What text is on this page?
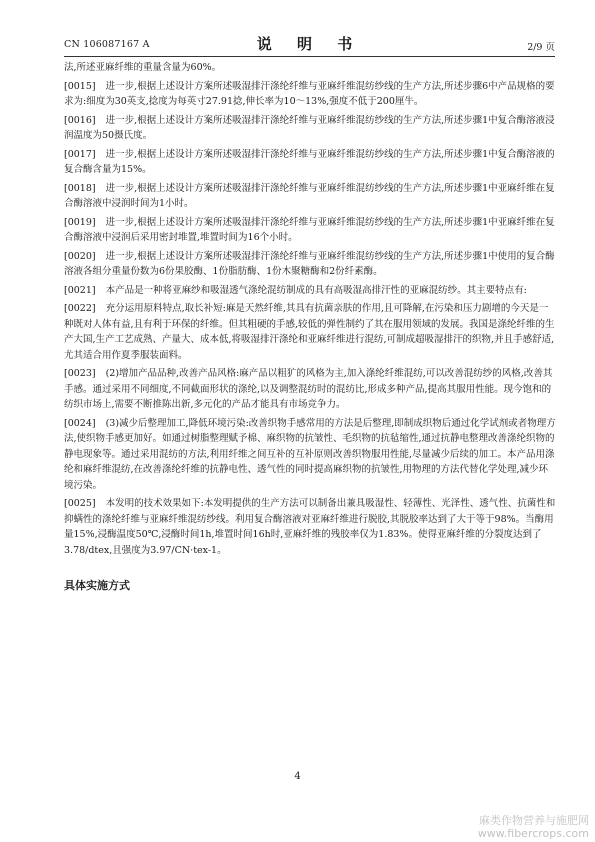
CN 106087167 A	说 明 书	2/9 页

法,所述亚麻纤维的重量含量为60%。

[0015] 进一步,根据上述设计方案所述吸湿排汗涤纶纤维与亚麻纤维混纺纱线的生产方法,所述步骤6中产品规格的要求为:细度为30英支,捻度为每英寸27.91捻,伸长率为10～13%,强度不低于200厘牛。

[0016] 进一步,根据上述设计方案所述吸湿排汗涤纶纤维与亚麻纤维混纺纱线的生产方法,所述步骤1中复合酶溶液浸润温度为50摄氏度。

[0017] 进一步,根据上述设计方案所述吸湿排汗涤纶纤维与亚麻纤维混纺纱线的生产方法,所述步骤1中复合酶溶液的复合酶含量为15%。

[0018] 进一步,根据上述设计方案所述吸湿排汗涤纶纤维与亚麻纤维混纺纱线的生产方法,所述步骤1中亚麻纤维在复合酶溶液中浸润时间为1小时。

[0019] 进一步,根据上述设计方案所述吸湿排汗涤纶纤维与亚麻纤维混纺纱线的生产方法,所述步骤1中亚麻纤维在复合酶溶液中浸润后采用密封堆置,堆置时间为16个小时。

[0020] 进一步,根据上述设计方案所述吸湿排汗涤纶纤维与亚麻纤维混纺纱线的生产方法,所述步骤1中使用的复合酶溶液各组分重量份数为6份果胶酶、1份脂肪酶、1份木聚糖酶和2份纤素酶。

[0021] 本产品是一种将亚麻纱和吸湿透气涤纶混纺制成的具有高吸湿高排汗性的亚麻混纺纱。其主要特点有:

[0022] 充分运用原料特点,取长补短:麻是天然纤维,其具有抗菌亲肤的作用,且可降解,在污染和压力剧增的今天是一种既对人体有益,且有利于环保的纤维。但其粗硬的手感,较低的弹性制约了其在服用领域的发展。我国是涤纶纤维的生产大国,生产工艺成熟、产量大、成本低,将吸湿排汗涤纶和亚麻纤维进行混纺,可制成超吸湿排汗的织物,并且手感舒适,尤其适合用作夏季服装面料。

[0023] (2)增加产品品种,改善产品风格:麻产品以粗犷的风格为主,加入涤纶纤维混纺,可以改善混纺纱的风格,改善其手感。通过采用不同细度,不同截面形状的涤纶,以及调整混纺时的混纺比,形成多种产品,提高其服用性能。现今饱和的纺织市场上,需要不断推陈出新,多元化的产品才能具有市场竞争力。

[0024] (3)减少后整理加工,降低环境污染:改善织物手感常用的方法是后整理,即制成织物后通过化学试剂或者物理方法,使织物手感更加好。如通过树脂整理赋予棉、麻织物的抗皱性、毛织物的抗毡缩性,通过抗静电整理改善涤纶织物的静电现象等。通过采用混纺的方法,利用纤维之间互补的互补原则改善织物服用性能,尽量减少后续的加工。本产品用涤纶和麻纤维混纺,在改善涤纶纤维的抗静电性、透气性的同时提高麻织物的抗皱性,用物理的方法代替化学处理,减少环境污染。

[0025] 本发明的技术效果如下:本发明提供的生产方法可以制备出兼具吸湿性、轻薄性、光泽性、透气性、抗菌性和抑螨性的涤纶纤维与亚麻纤维混纺纱线。利用复合酶溶液对亚麻纤维进行脱胶,其脱胶率达到了大于等于98%。当酶用量15%,浸酶温度50℃,浸酶时间1h,堆置时间16h时,亚麻纤维的残胶率仅为1.83%。使得亚麻纤维的分裂度达到了3.78/dtex,且强度为3.97/CN·tex-1。

具体实施方式
4
麻类作物营养与施肥网
www.fibercrops.com
